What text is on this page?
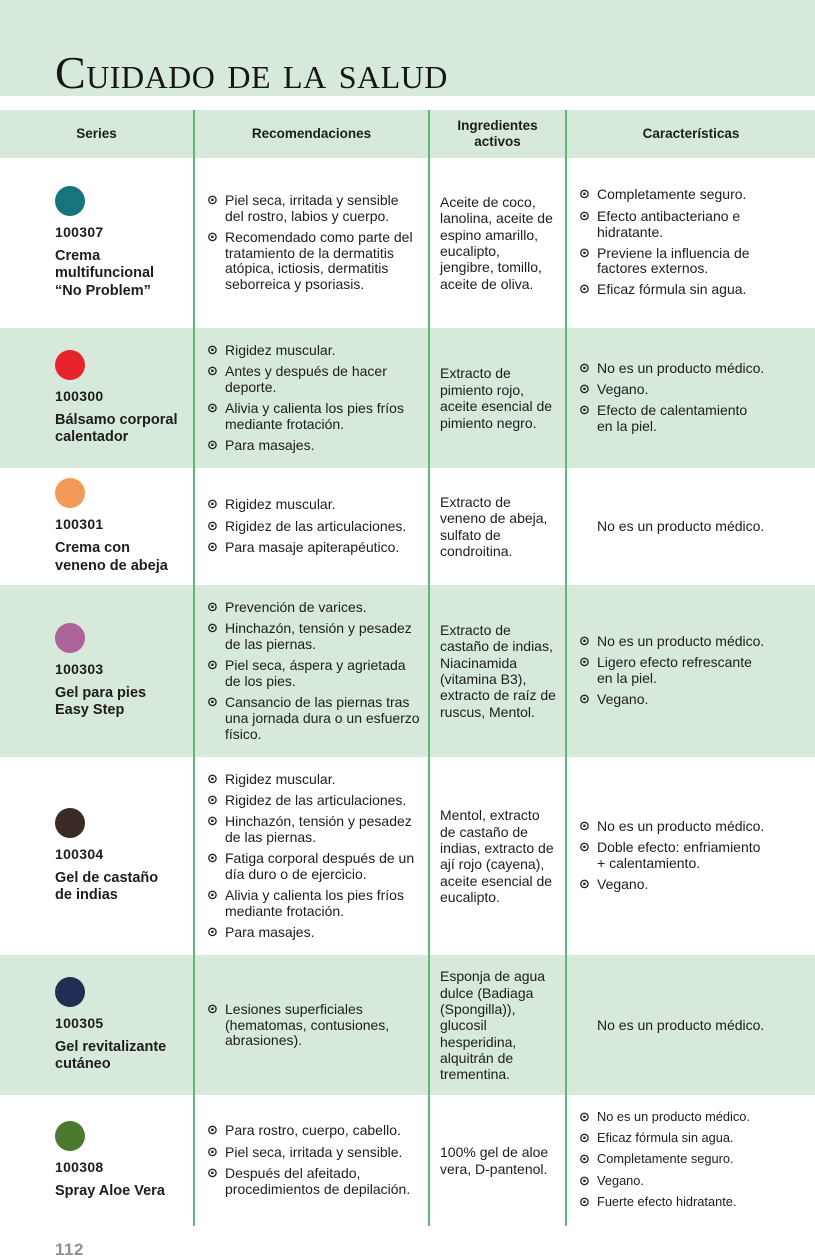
Cuidado de la salud
Series	Recomendaciones
Ingredientes activos
Características
100307
Crema multifuncional “No Problem”
⊙ Piel seca, irritada y sensible del rostro, labios y cuerpo.
⊙ Recomendado como parte del tratamiento de la dermatitis atópica, ictiosis, dermatitis seborreica y psoriasis.
Aceite de coco, lanolina, aceite de espino amarillo, eucalipto, jengibre, tomillo, aceite de oliva.
⊙ Completamente seguro.
⊙ Efecto antibacteriano e hidratante.
⊙ Previene la influencia de factores externos.
⊙ Eficaz fórmula sin agua.
100300
Bálsamo corporal calentador
⊙ Rigidez muscular.
⊙ Antes y después de hacer deporte.
⊙ Alivia y calienta los pies fríos mediante frotación.
⊙ Para masajes.
Extracto de pimiento rojo, aceite esencial de pimiento negro.
⊙ No es un producto médico.
⊙ Vegano.
⊙ Efecto de calentamiento en la piel.
100301
Crema con veneno de abeja
⊙ Rigidez muscular.
⊙ Rigidez de las articulaciones.
⊙ Para masaje apiterapéutico.
Extracto de veneno de abeja, sulfato de condroitina.
No es un producto médico.
100303
Gel para pies Easy Step
⊙ Prevención de varices.
⊙ Hinchazón, tensión y pesadez de las piernas.
⊙ Piel seca, áspera y agrietada de los pies.
⊙ Cansancio de las piernas tras una jornada dura o un esfuerzo físico.
Extracto de castaño de indias, Niacinamida (vitamina B3), extracto de raíz de ruscus, Mentol.
⊙ No es un producto médico.
⊙ Ligero efecto refrescante en la piel.
⊙ Vegano.
100304
Gel de castaño de indias
⊙ Rigidez muscular.
⊙ Rigidez de las articulaciones.
⊙ Hinchazón, tensión y pesadez de las piernas.
⊙ Fatiga corporal después de un día duro o de ejercicio.
⊙ Alivia y calienta los pies fríos mediante frotación.
⊙ Para masajes.
Mentol, extracto de castaño de indias, extracto de ají rojo (cayena), aceite esencial de eucalipto.
⊙ No es un producto médico.
⊙ Doble efecto: enfriamiento + calentamiento.
⊙ Vegano.
100305
Gel revitalizante cutáneo
⊙ Lesiones superficiales (hematomas, contusiones, abrasiones).
Esponja de agua dulce (Badiaga (Spongilla)), glucosil hesperidina, alquitrán de trementina.
No es un producto médico.
100308
Spray Aloe Vera
⊙ Para rostro, cuerpo, cabello.
⊙ Piel seca, irritada y sensible.
⊙ Después del afeitado, procedimientos de depilación.
100% gel de aloe vera, D-pantenol.
⊙ No es un producto médico.
⊙ Eficaz fórmula sin agua.
⊙ Completamente seguro.
⊙ Vegano.
⊙ Fuerte efecto hidratante.
112
